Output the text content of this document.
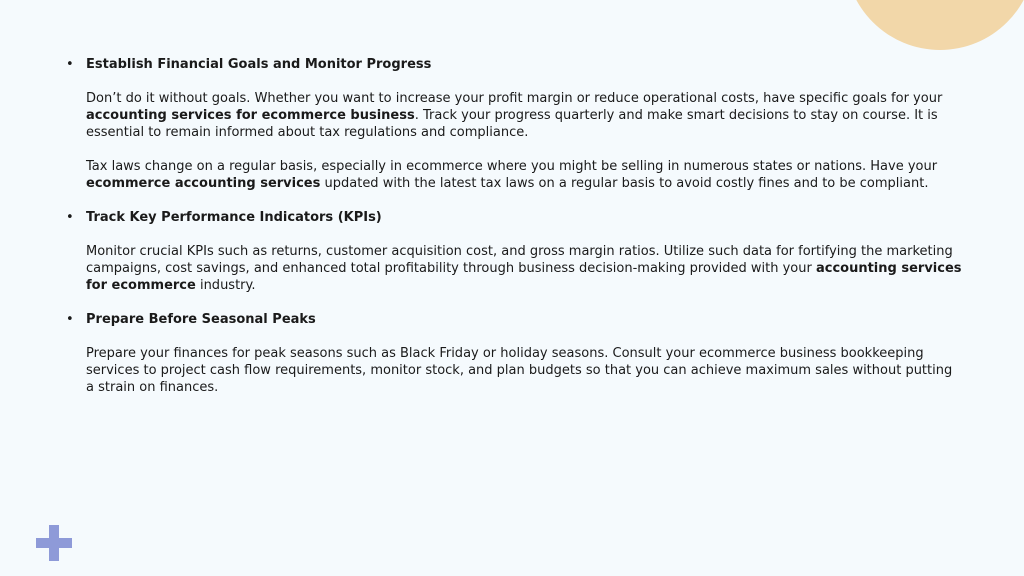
• Establish Financial Goals and Monitor Progress

Don’t do it without goals. Whether you want to increase your profit margin or reduce operational costs, have specific goals for your accounting services for ecommerce business. Track your progress quarterly and make smart decisions to stay on course. It is essential to remain informed about tax regulations and compliance.

Tax laws change on a regular basis, especially in ecommerce where you might be selling in numerous states or nations. Have your ecommerce accounting services updated with the latest tax laws on a regular basis to avoid costly fines and to be compliant.

• Track Key Performance Indicators (KPIs)

Monitor crucial KPIs such as returns, customer acquisition cost, and gross margin ratios. Utilize such data for fortifying the marketing campaigns, cost savings, and enhanced total profitability through business decision-making provided with your accounting services for ecommerce industry.

• Prepare Before Seasonal Peaks

Prepare your finances for peak seasons such as Black Friday or holiday seasons. Consult your ecommerce business bookkeeping services to project cash flow requirements, monitor stock, and plan budgets so that you can achieve maximum sales without putting a strain on finances.
